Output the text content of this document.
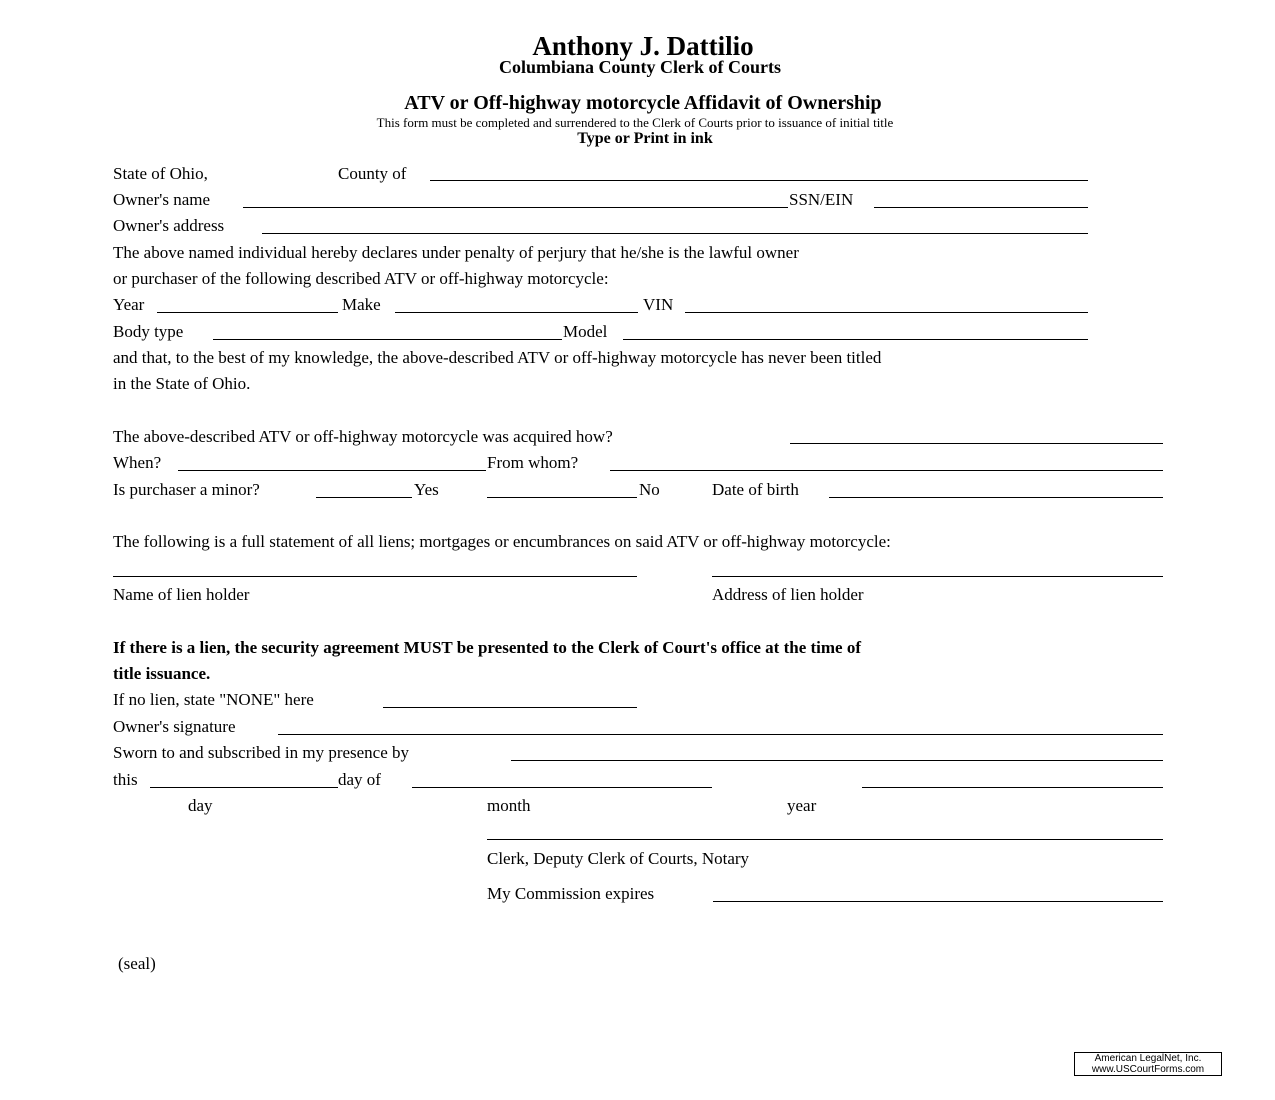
Anthony J. Dattilio
Columbiana County Clerk of Courts
ATV or Off-highway motorcycle Affidavit of Ownership
This form must be completed and surrendered to the Clerk of Courts prior to issuance of initial title
Type or Print in ink
State of Ohio,	County of
Owner's name	SSN/EIN
Owner's address
The above named individual hereby declares under penalty of perjury that he/she is the lawful owner
or purchaser of the following described ATV or off-highway motorcycle:
Year	Make	VIN
Body type	Model
and that, to the best of my knowledge, the above-described ATV or off-highway motorcycle has never been titled
in the State of Ohio.
The above-described ATV or off-highway motorcycle was acquired how?
When?	From whom?
Is purchaser a minor?	Yes	No	Date of birth
The following is a full statement of all liens; mortgages or encumbrances on said ATV or off-highway motorcycle:
Name of lien holder	Address of lien holder
If there is a lien, the security agreement MUST be presented to the Clerk of Court's office at the time of
title issuance.
If no lien, state "NONE" here
Owner's signature
Sworn to and subscribed in my presence by
this	day of
day	month	year
Clerk, Deputy Clerk of Courts, Notary
My Commission expires
(seal)
American LegalNet, Inc.
www.USCourtForms.com
